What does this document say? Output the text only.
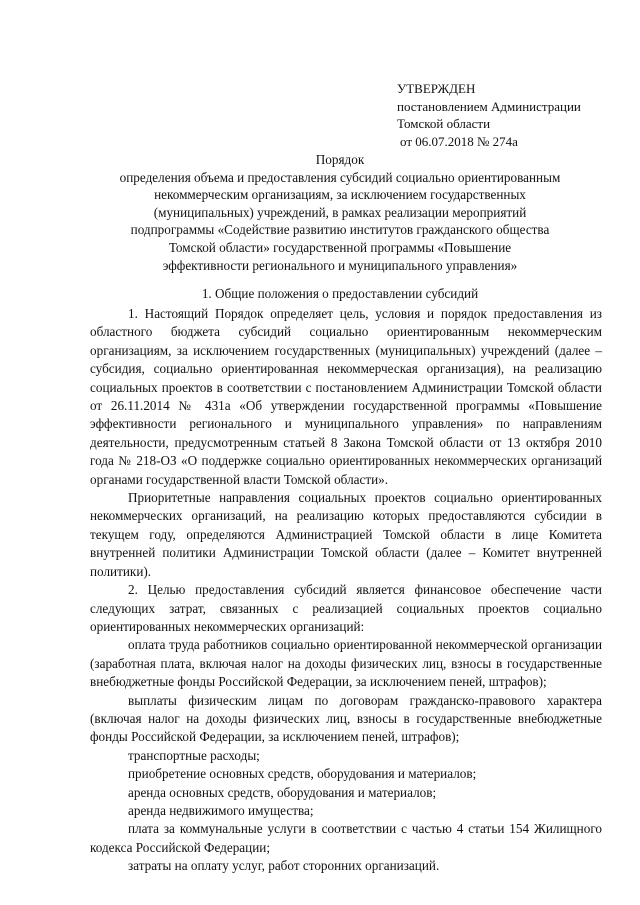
УТВЕРЖДЕН
постановлением Администрации
Томской области
от 06.07.2018 № 274а
Порядок
определения объема и предоставления субсидий социально ориентированным
некоммерческим организациям, за исключением государственных
(муниципальных) учреждений, в рамках реализации мероприятий
подпрограммы «Содействие развитию институтов гражданского общества
Томской области» государственной программы «Повышение
эффективности регионального и муниципального управления»
1. Общие положения о предоставлении субсидий

1. Настоящий Порядок определяет цель, условия и порядок предоставления из областного бюджета субсидий социально ориентированным некоммерческим организациям, за исключением государственных (муниципальных) учреждений (далее – субсидия, социально ориентированная некоммерческая организация), на реализацию социальных проектов в соответствии с постановлением Администрации Томской области от 26.11.2014 № 431а «Об утверждении государственной программы «Повышение эффективности регионального и муниципального управления» по направлениям деятельности, предусмотренным статьей 8 Закона Томской области от 13 октября 2010 года № 218-ОЗ «О поддержке социально ориентированных некоммерческих организаций органами государственной власти Томской области».

Приоритетные направления социальных проектов социально ориентированных некоммерческих организаций, на реализацию которых предоставляются субсидии в текущем году, определяются Администрацией Томской области в лице Комитета внутренней политики Администрации Томской области (далее – Комитет внутренней политики).

2. Целью предоставления субсидий является финансовое обеспечение части следующих затрат, связанных с реализацией социальных проектов социально ориентированных некоммерческих организаций:

оплата труда работников социально ориентированной некоммерческой организации (заработная плата, включая налог на доходы физических лиц, взносы в государственные внебюджетные фонды Российской Федерации, за исключением пеней, штрафов);

выплаты физическим лицам по договорам гражданско-правового характера (включая налог на доходы физических лиц, взносы в государственные внебюджетные фонды Российской Федерации, за исключением пеней, штрафов);

транспортные расходы;

приобретение основных средств, оборудования и материалов;

аренда основных средств, оборудования и материалов;

аренда недвижимого имущества;

плата за коммунальные услуги в соответствии с частью 4 статьи 154 Жилищного кодекса Российской Федерации;

затраты на оплату услуг, работ сторонних организаций.
